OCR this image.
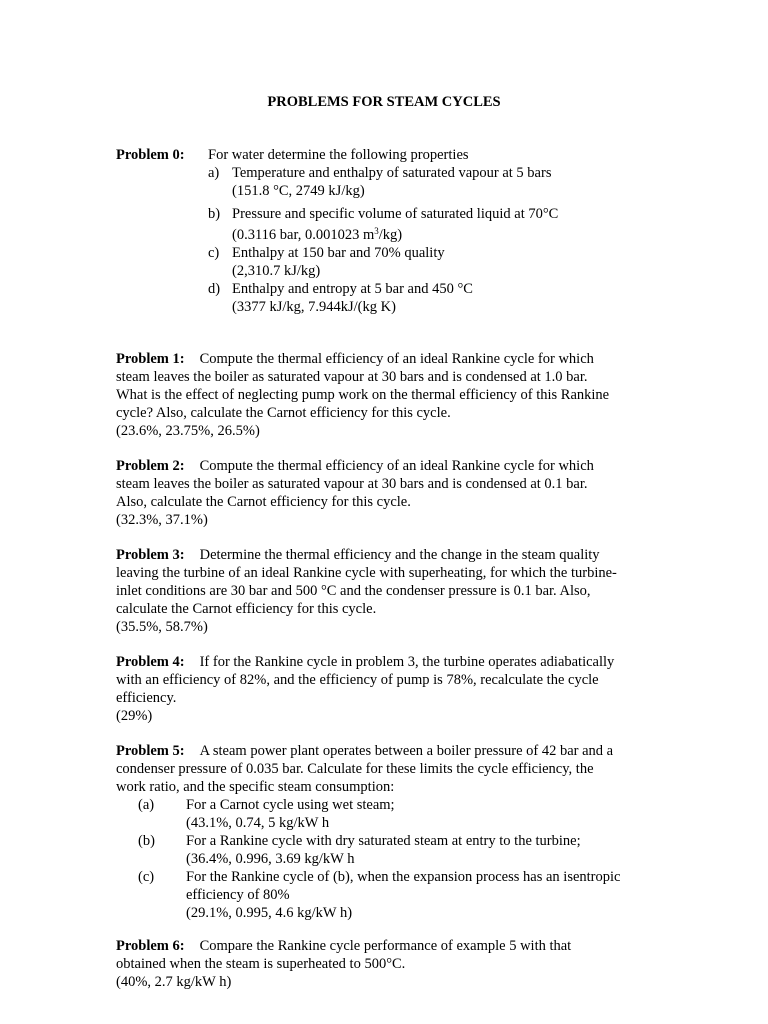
PROBLEMS FOR STEAM CYCLES
Problem 0: For water determine the following properties
a) Temperature and enthalpy of saturated vapour at 5 bars
(151.8 °C, 2749 kJ/kg)
b) Pressure and specific volume of saturated liquid at 70°C
(0.3116 bar, 0.001023 $m^3/kg$)
c) Enthalpy at 150 bar and 70% quality
(2,310.7 kJ/kg)
d) Enthalpy and entropy at 5 bar and 450 °C
(3377 kJ/kg, 7.944kJ/(kg K)
Problem 1: Compute the thermal efficiency of an ideal Rankine cycle for which
steam leaves the boiler as saturated vapour at 30 bars and is condensed at 1.0 bar.
What is the effect of neglecting pump work on the thermal efficiency of this Rankine
cycle? Also, calculate the Carnot efficiency for this cycle.
(23.6%, 23.75%, 26.5%)
Problem 2: Compute the thermal efficiency of an ideal Rankine cycle for which
steam leaves the boiler as saturated vapour at 30 bars and is condensed at 0.1 bar.
Also, calculate the Carnot efficiency for this cycle.
(32.3%, 37.1%)
Problem 3: Determine the thermal efficiency and the change in the steam quality
leaving the turbine of an ideal Rankine cycle with superheating, for which the turbine-
inlet conditions are 30 bar and 500 °C and the condenser pressure is 0.1 bar. Also,
calculate the Carnot efficiency for this cycle.
(35.5%, 58.7%)
Problem 4: If for the Rankine cycle in problem 3, the turbine operates adiabatically
with an efficiency of 82%, and the efficiency of pump is 78%, recalculate the cycle
efficiency.
(29%)
Problem 5: A steam power plant operates between a boiler pressure of 42 bar and a
condenser pressure of 0.035 bar. Calculate for these limits the cycle efficiency, the
work ratio, and the specific steam consumption:
(a) For a Carnot cycle using wet steam;
(43.1%, 0.74, 5 kg/kW h
(b) For a Rankine cycle with dry saturated steam at entry to the turbine;
(36.4%, 0.996, 3.69 kg/kW h
(c) For the Rankine cycle of (b), when the expansion process has an isentropic
efficiency of 80%
(29.1%, 0.995, 4.6 kg/kW h)
Problem 6: Compare the Rankine cycle performance of example 5 with that
obtained when the steam is superheated to 500°C.
(40%, 2.7 kg/kW h)
